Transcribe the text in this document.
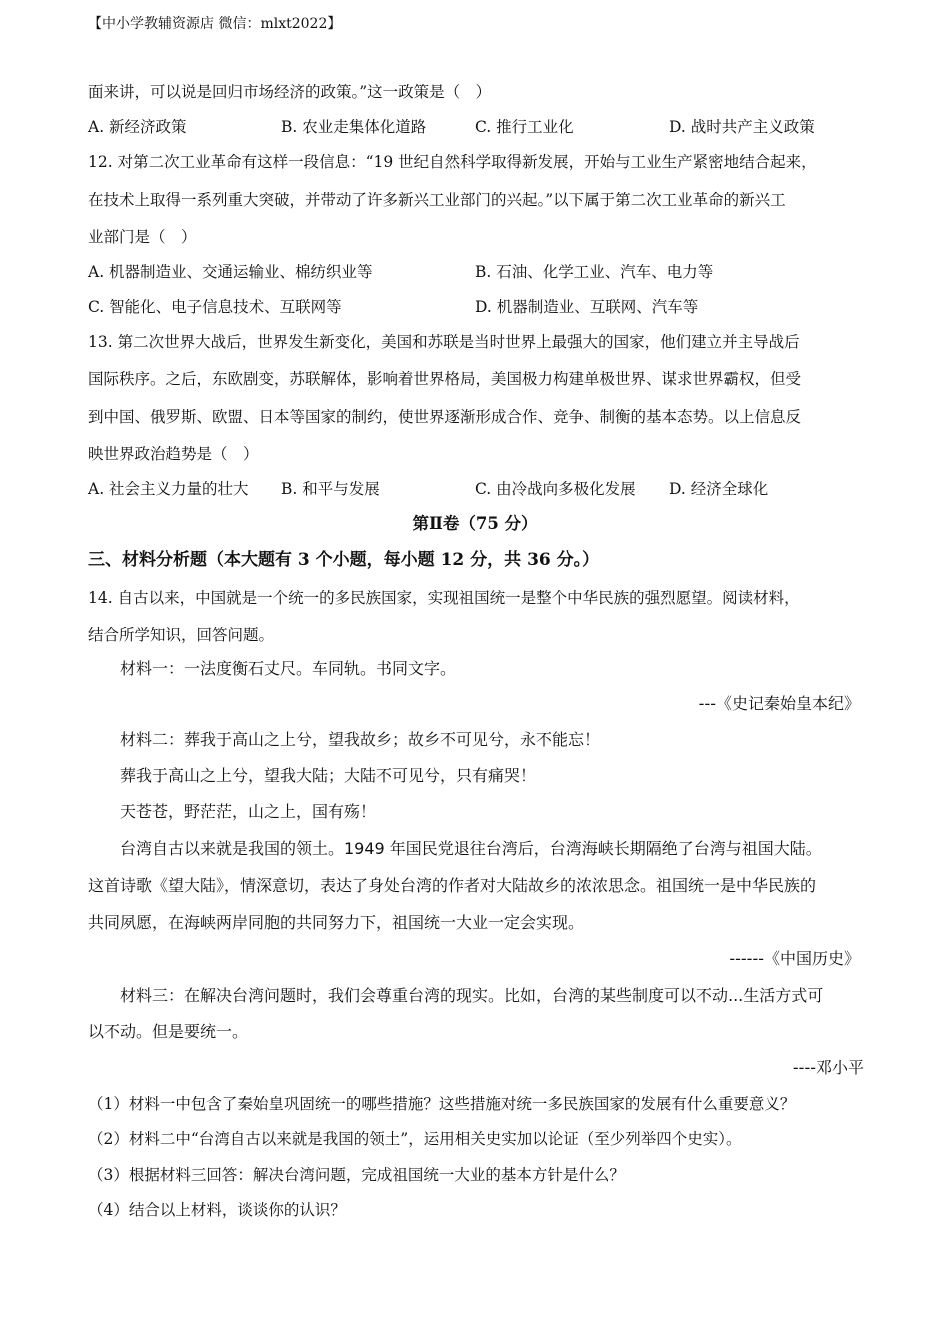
【中小学教辅资源店 微信：mlxt2022】
面来讲，可以说是回归市场经济的政策。”这一政策是（　）
A. 新经济政策	B. 农业走集体化道路	C. 推行工业化	D. 战时共产主义政策
12. 对第二次工业革命有这样一段信息：“19 世纪自然科学取得新发展，开始与工业生产紧密地结合起来，
在技术上取得一系列重大突破，并带动了许多新兴工业部门的兴起。”以下属于第二次工业革命的新兴工
业部门是（　）
A. 机器制造业、交通运输业、棉纺织业等	B. 石油、化学工业、汽车、电力等
C. 智能化、电子信息技术、互联网等	D. 机器制造业、互联网、汽车等
13. 第二次世界大战后，世界发生新变化，美国和苏联是当时世界上最强大的国家，他们建立并主导战后
国际秩序。之后，东欧剧变，苏联解体，影响着世界格局，美国极力构建单极世界、谋求世界霸权，但受
到中国、俄罗斯、欧盟、日本等国家的制约，使世界逐渐形成合作、竞争、制衡的基本态势。以上信息反
映世界政治趋势是（　）
A. 社会主义力量的壮大 B. 和平与发展	C. 由冷战向多极化发展 D. 经济全球化
第Ⅱ卷（75 分）
三、材料分析题（本大题有 3 个小题，每小题 12 分，共 36 分。）
14. 自古以来，中国就是一个统一的多民族国家，实现祖国统一是整个中华民族的强烈愿望。阅读材料，
结合所学知识，回答问题。
材料一：一法度衡石丈尺。车同轨。书同文字。
---《史记秦始皇本纪》
材料二：葬我于高山之上兮，望我故乡；故乡不可见兮，永不能忘！
葬我于高山之上兮，望我大陆；大陆不可见兮，只有痛哭！
天苍苍，野茫茫，山之上，国有殇！
台湾自古以来就是我国的领土。1949 年国民党退往台湾后，台湾海峡长期隔绝了台湾与祖国大陆。
这首诗歌《望大陆》，情深意切，表达了身处台湾的作者对大陆故乡的浓浓思念。祖国统一是中华民族的
共同夙愿，在海峡两岸同胞的共同努力下，祖国统一大业一定会实现。
------《中国历史》
材料三：在解决台湾问题时，我们会尊重台湾的现实。比如，台湾的某些制度可以不动...生活方式可
以不动。但是要统一。
----邓小平
（1）材料一中包含了秦始皇巩固统一的哪些措施？这些措施对统一多民族国家的发展有什么重要意义？
（2）材料二中“台湾自古以来就是我国的领土”，运用相关史实加以论证（至少列举四个史实）。
（3）根据材料三回答：解决台湾问题，完成祖国统一大业的基本方针是什么？
（4）结合以上材料，谈谈你的认识？
